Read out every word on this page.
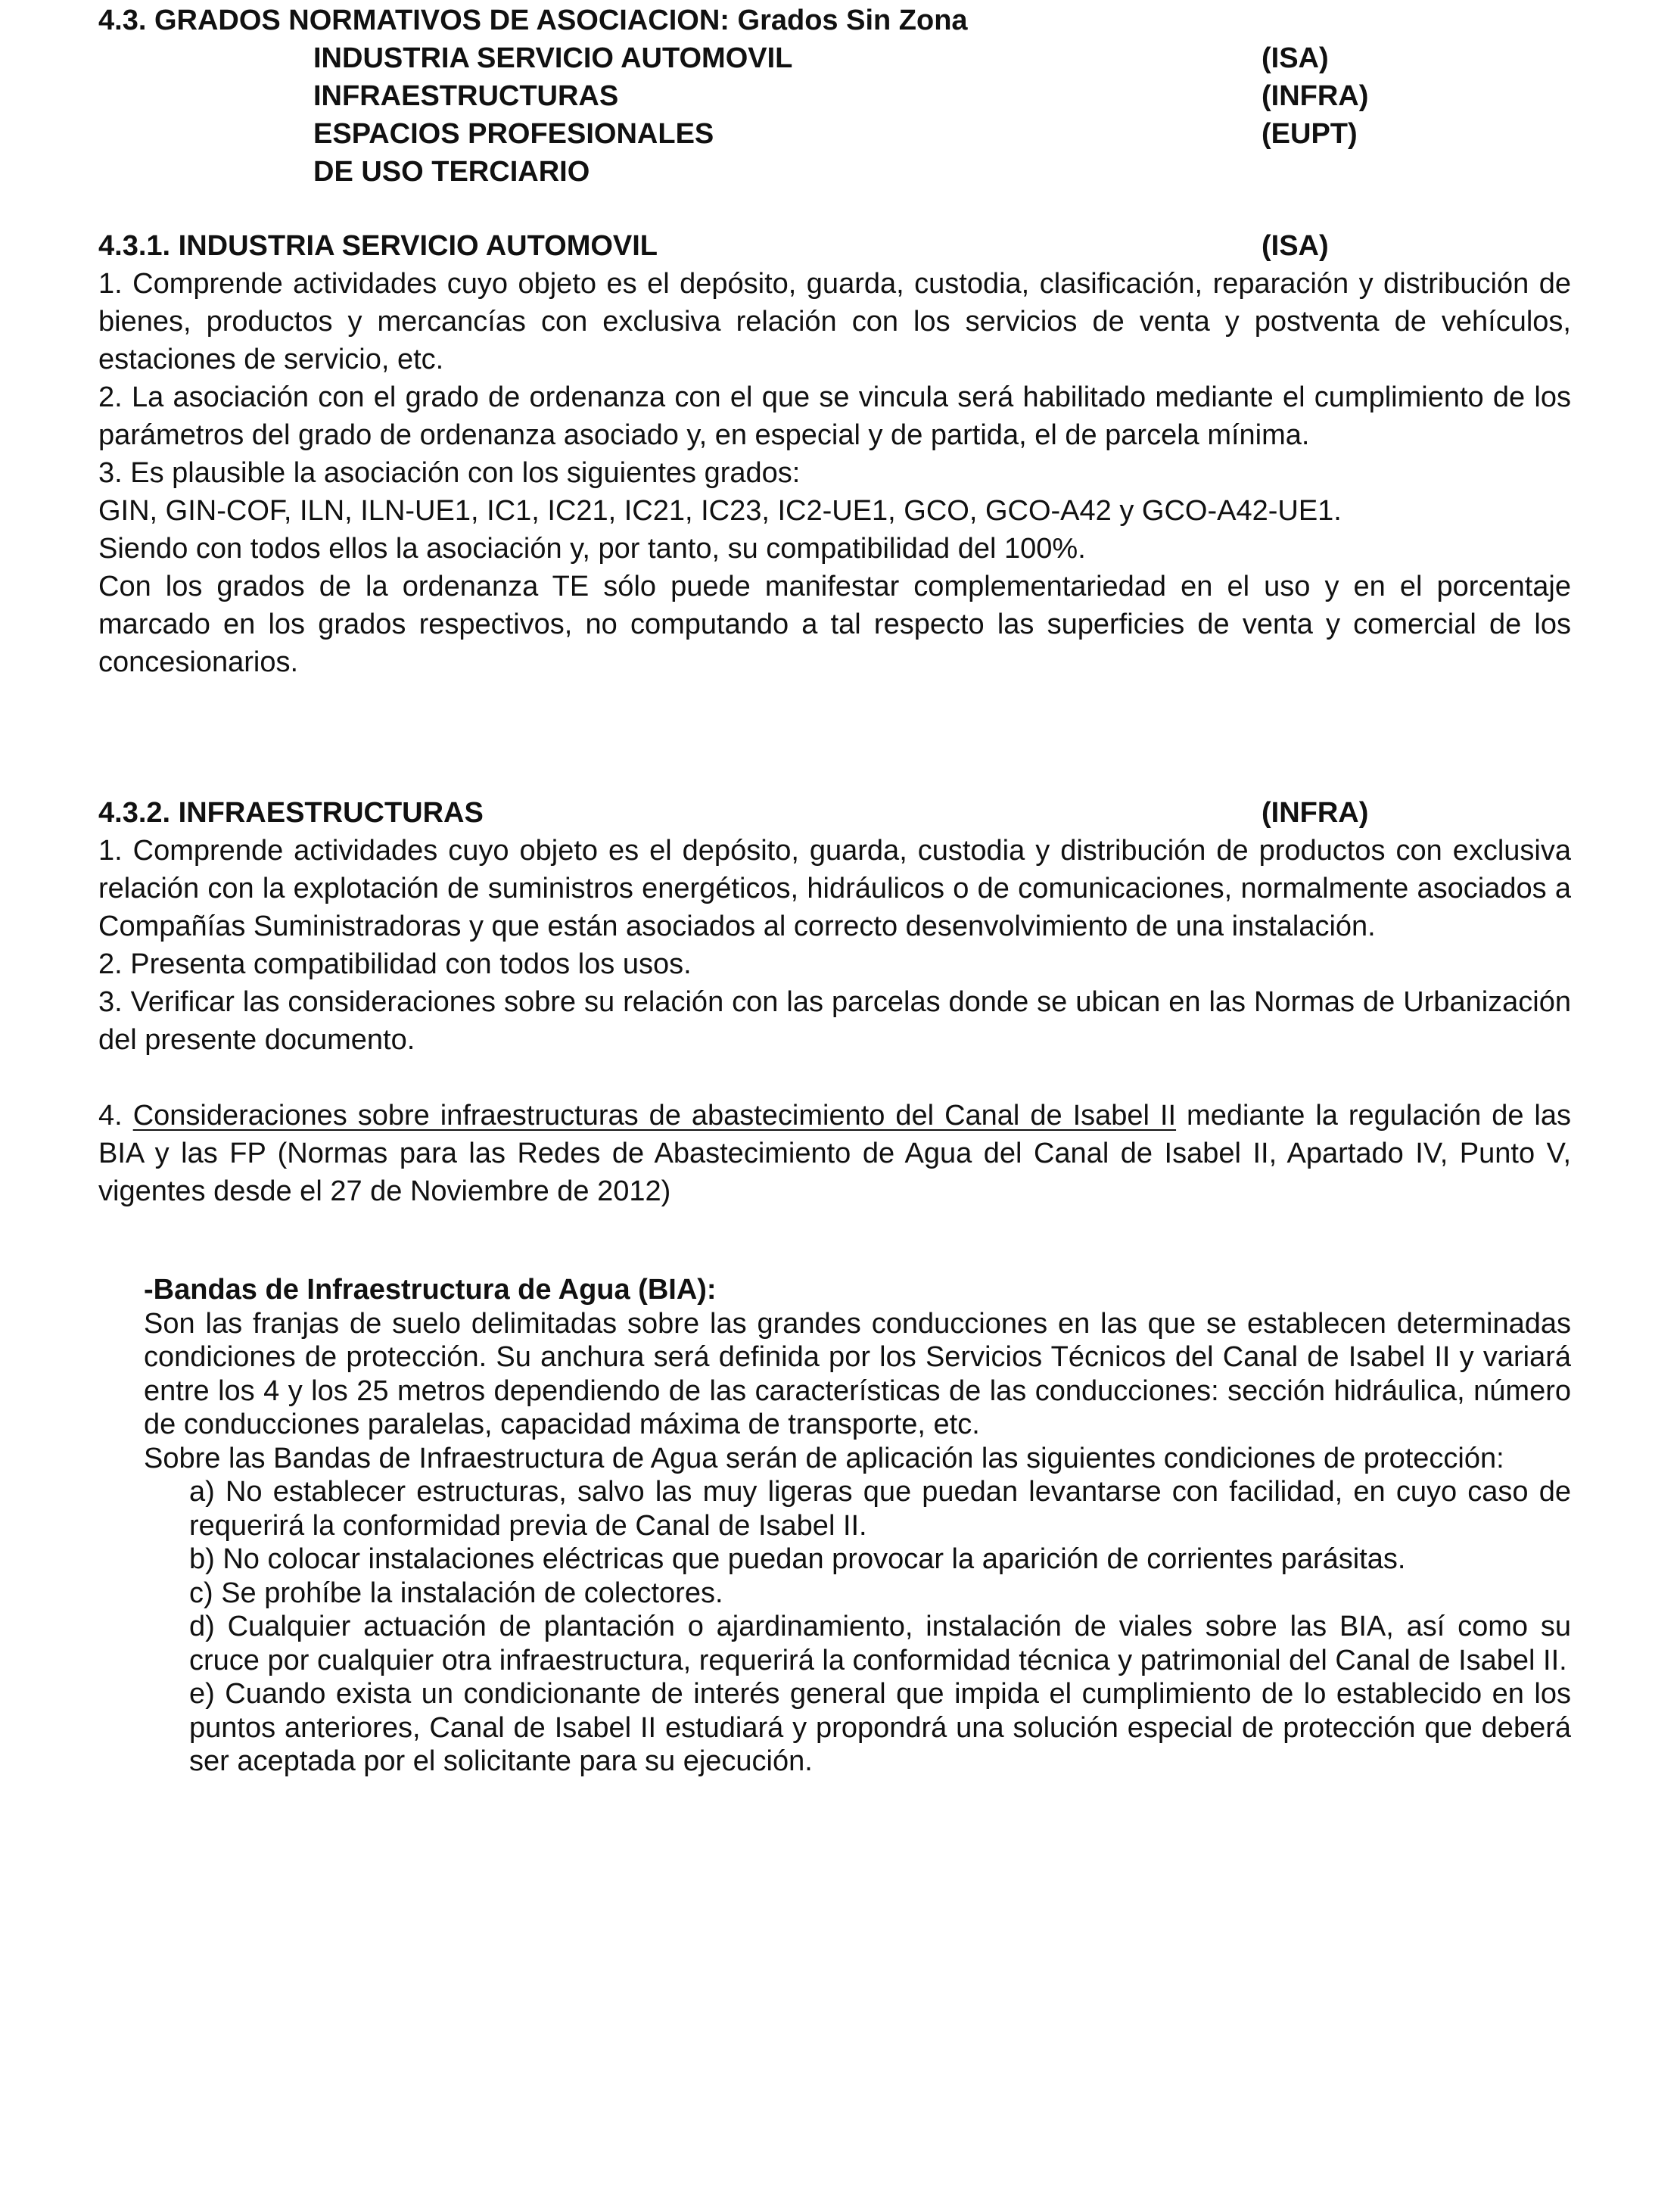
4.3. GRADOS NORMATIVOS DE ASOCIACION: Grados Sin Zona
INDUSTRIA SERVICIO AUTOMOVIL	(ISA)
INFRAESTRUCTURAS	(INFRA)
ESPACIOS PROFESIONALES	(EUPT)
DE USO TERCIARIO
4.3.1. INDUSTRIA SERVICIO AUTOMOVIL	(ISA)

1. Comprende actividades cuyo objeto es el depósito, guarda, custodia, clasificación, reparación y distribución de bienes, productos y mercancías con exclusiva relación con los servicios de venta y postventa de vehículos, estaciones de servicio, etc.

2. La asociación con el grado de ordenanza con el que se vincula será habilitado mediante el cumplimiento de los parámetros del grado de ordenanza asociado y, en especial y de partida, el de parcela mínima.

3. Es plausible la asociación con los siguientes grados:

GIN, GIN-COF, ILN, ILN-UE1, IC1, IC21, IC21, IC23, IC2-UE1, GCO, GCO-A42 y GCO-A42-UE1.

Siendo con todos ellos la asociación y, por tanto, su compatibilidad del 100%.

Con los grados de la ordenanza TE sólo puede manifestar complementariedad en el uso y en el porcentaje marcado en los grados respectivos, no computando a tal respecto las superficies de venta y comercial de los concesionarios.

4.3.2. INFRAESTRUCTURAS	(INFRA)

1. Comprende actividades cuyo objeto es el depósito, guarda, custodia y distribución de productos con exclusiva relación con la explotación de suministros energéticos, hidráulicos o de comunicaciones, normalmente asociados a Compañías Suministradoras y que están asociados al correcto desenvolvimiento de una instalación.

2. Presenta compatibilidad con todos los usos.

3. Verificar las consideraciones sobre su relación con las parcelas donde se ubican en las Normas de Urbanización del presente documento.

4. Consideraciones sobre infraestructuras de abastecimiento del Canal de Isabel II mediante la regulación de las BIA y las FP (Normas para las Redes de Abastecimiento de Agua del Canal de Isabel II, Apartado IV, Punto V, vigentes desde el 27 de Noviembre de 2012)

-Bandas de Infraestructura de Agua (BIA):

Son las franjas de suelo delimitadas sobre las grandes conducciones en las que se establecen determinadas condiciones de protección. Su anchura será definida por los Servicios Técnicos del Canal de Isabel II y variará entre los 4 y los 25 metros dependiendo de las características de las conducciones: sección hidráulica, número de conducciones paralelas, capacidad máxima de transporte, etc.

Sobre las Bandas de Infraestructura de Agua serán de aplicación las siguientes condiciones de protección:

a) No establecer estructuras, salvo las muy ligeras que puedan levantarse con facilidad, en cuyo caso de requerirá la conformidad previa de Canal de Isabel II.

b) No colocar instalaciones eléctricas que puedan provocar la aparición de corrientes parásitas.

c) Se prohíbe la instalación de colectores.

d) Cualquier actuación de plantación o ajardinamiento, instalación de viales sobre las BIA, así como su cruce por cualquier otra infraestructura, requerirá la conformidad técnica y patrimonial del Canal de Isabel II.

e) Cuando exista un condicionante de interés general que impida el cumplimiento de lo establecido en los puntos anteriores, Canal de Isabel II estudiará y propondrá una solución especial de protección que deberá ser aceptada por el solicitante para su ejecución.
